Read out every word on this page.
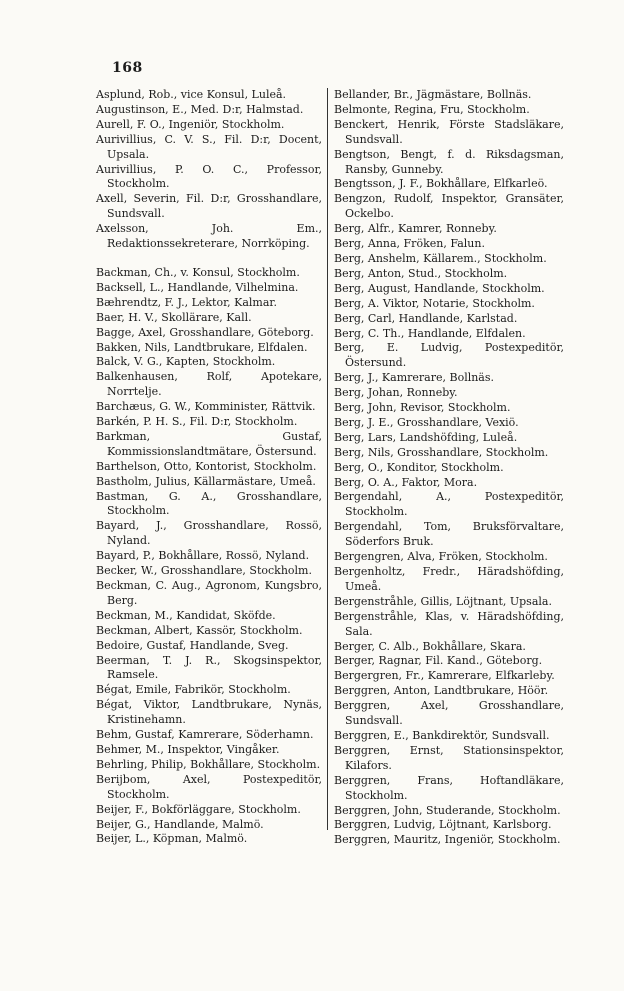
168

Asplund, Rob., vice Konsul, Luleå.

Augustinson, E., Med. D:r, Halmstad.

Aurell, F. O., Ingeniör, Stockholm.

Aurivillius, C. V. S., Fil. D:r, Docent, Upsala.

Aurivillius, P. O. C., Professor, Stockholm.

Axell, Severin, Fil. D:r, Grosshandlare, Sundsvall.

Axelsson, Joh. Em., Redaktionssekreterare, Norrköping.

Backman, Ch., v. Konsul, Stockholm.

Backsell, L., Handlande, Vilhelmina.

Bæhrendtz, F. J., Lektor, Kalmar.

Baer, H. V., Skollärare, Kall.

Bagge, Axel, Grosshandlare, Göteborg.

Bakken, Nils, Landtbrukare, Elfdalen.

Balck, V. G., Kapten, Stockholm.

Balkenhausen, Rolf, Apotekare, Norrtelje.

Barchæus, G. W., Komminister, Rättvik.

Barkén, P. H. S., Fil. D:r, Stockholm.

Barkman, Gustaf, Kommissionslandtmätare, Östersund.

Barthelson, Otto, Kontorist, Stockholm.

Bastholm, Julius, Källarmästare, Umeå.

Bastman, G. A., Grosshandlare, Stockholm.

Bayard, J., Grosshandlare, Rossö, Nyland.

Bayard, P., Bokhållare, Rossö, Nyland.

Becker, W., Grosshandlare, Stockholm.

Beckman, C. Aug., Agronom, Kungsbro, Berg.

Beckman, M., Kandidat, Sköfde.

Beckman, Albert, Kassör, Stockholm.

Bedoire, Gustaf, Handlande, Sveg.

Beerman, T. J. R., Skogsinspektor, Ramsele.

Bégat, Emile, Fabrikör, Stockholm.

Bégat, Viktor, Landtbrukare, Nynäs, Kristinehamn.

Behm, Gustaf, Kamrerare, Söderhamn.

Behmer, M., Inspektor, Vingåker.

Behrling, Philip, Bokhållare, Stockholm.

Berijbom, Axel, Postexpeditör, Stockholm.

Beijer, F., Bokförläggare, Stockholm.

Beijer, G., Handlande, Malmö.

Beijer, L., Köpman, Malmö.

Bellander, Br., Jägmästare, Bollnäs.

Belmonte, Regina, Fru, Stockholm.

Benckert, Henrik, Förste Stadsläkare, Sundsvall.

Bengtson, Bengt, f. d. Riksdagsman, Ransby, Gunneby.

Bengtsson, J. F., Bokhållare, Elfkarleö.

Bengzon, Rudolf, Inspektor, Gransäter, Ockelbo.

Berg, Alfr., Kamrer, Ronneby.

Berg, Anna, Fröken, Falun.

Berg, Anshelm, Källarem., Stockholm.

Berg, Anton, Stud., Stockholm.

Berg, August, Handlande, Stockholm.

Berg, A. Viktor, Notarie, Stockholm.

Berg, Carl, Handlande, Karlstad.

Berg, C. Th., Handlande, Elfdalen.

Berg, E. Ludvig, Postexpeditör, Östersund.

Berg, J., Kamrerare, Bollnäs.

Berg, Johan, Ronneby.

Berg, John, Revisor, Stockholm.

Berg, J. E., Grosshandlare, Vexiö.

Berg, Lars, Landshöfding, Luleå.

Berg, Nils, Grosshandlare, Stockholm.

Berg, O., Konditor, Stockholm.

Berg, O. A., Faktor, Mora.

Bergendahl, A., Postexpeditör, Stockholm.

Bergendahl, Tom, Bruksförvaltare, Söderfors Bruk.

Bergengren, Alva, Fröken, Stockholm.

Bergenholtz, Fredr., Häradshöfding, Umeå.

Bergenstråhle, Gillis, Löjtnant, Upsala.

Bergenstråhle, Klas, v. Häradshöfding, Sala.

Berger, C. Alb., Bokhållare, Skara.

Berger, Ragnar, Fil. Kand., Göteborg.

Bergergren, Fr., Kamrerare, Elfkarleby.

Berggren, Anton, Landtbrukare, Höör.

Berggren, Axel, Grosshandlare, Sundsvall.

Berggren, E., Bankdirektör, Sundsvall.

Berggren, Ernst, Stationsinspektor, Kilafors.

Berggren, Frans, Hoftandläkare, Stockholm.

Berggren, John, Studerande, Stockholm.

Berggren, Ludvig, Löjtnant, Karlsborg.

Berggren, Mauritz, Ingeniör, Stockholm.
